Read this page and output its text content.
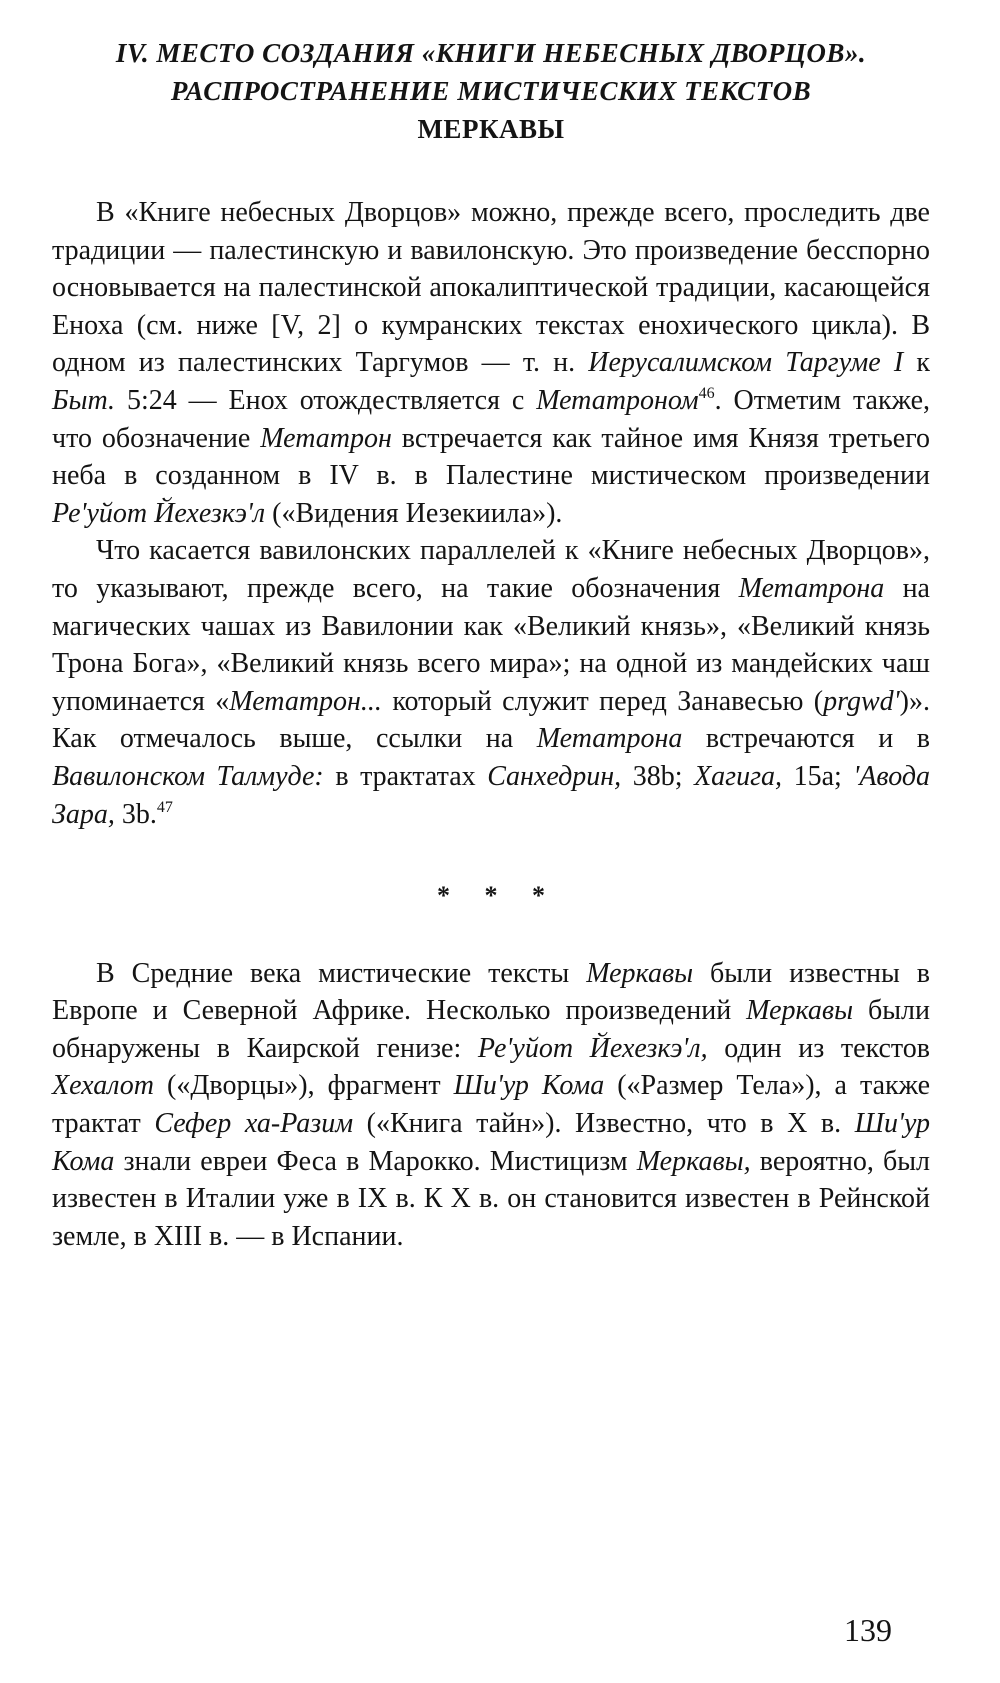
IV. МЕСТО СОЗДАНИЯ «КНИГИ НЕБЕСНЫХ ДВОРЦОВ».
РАСПРОСТРАНЕНИЕ МИСТИЧЕСКИХ ТЕКСТОВ
МЕРКАВЫ

В «Книге небесных Дворцов» можно, прежде всего, проследить две традиции — палестинскую и вавилонскую. Это произведение бесспорно основывается на палестинской апокалиптической традиции, касающейся Еноха (см. ниже [V, 2] о кумранских текстах енохического цикла). В одном из палестинских Таргумов — т. н. Иерусалимском Таргуме I к Быт. 5:24 — Енох отождествляется с Метатроном$^{46}$. Отметим также, что обозначение Метатрон встречается как тайное имя Князя третьего неба в созданном в IV в. в Палестине мистическом произведении Ре'уйот Йехезкэ'л («Видения Иезекиила»).

Что касается вавилонских параллелей к «Книге небесных Дворцов», то указывают, прежде всего, на такие обозначения Метатрона на магических чашах из Вавилонии как «Великий князь», «Великий князь Трона Бога», «Великий князь всего мира»; на одной из мандейских чаш упоминается «Метатрон... который служит перед Занавесью (prgwd')». Как отмечалось выше, ссылки на Метатрона встречаются и в Вавилонском Талмуде: в трактатах Санхедрин, 38b; Хагига, 15a; 'Авода Зара, 3b.$^{47}$

* * *

В Средние века мистические тексты Меркавы были известны в Европе и Северной Африке. Несколько произведений Меркавы были обнаружены в Каирской генизе: Ре'уйот Йехезкэ'л, один из текстов Хехалот («Дворцы»), фрагмент Ши'ур Кома («Размер Тела»), а также трактат Сефер ха-Разим («Книга тайн»). Известно, что в X в. Ши'ур Кома знали евреи Феса в Марокко. Мистицизм Меркавы, вероятно, был известен в Италии уже в IX в. К X в. он становится известен в Рейнской земле, в XIII в. — в Испании.

139
